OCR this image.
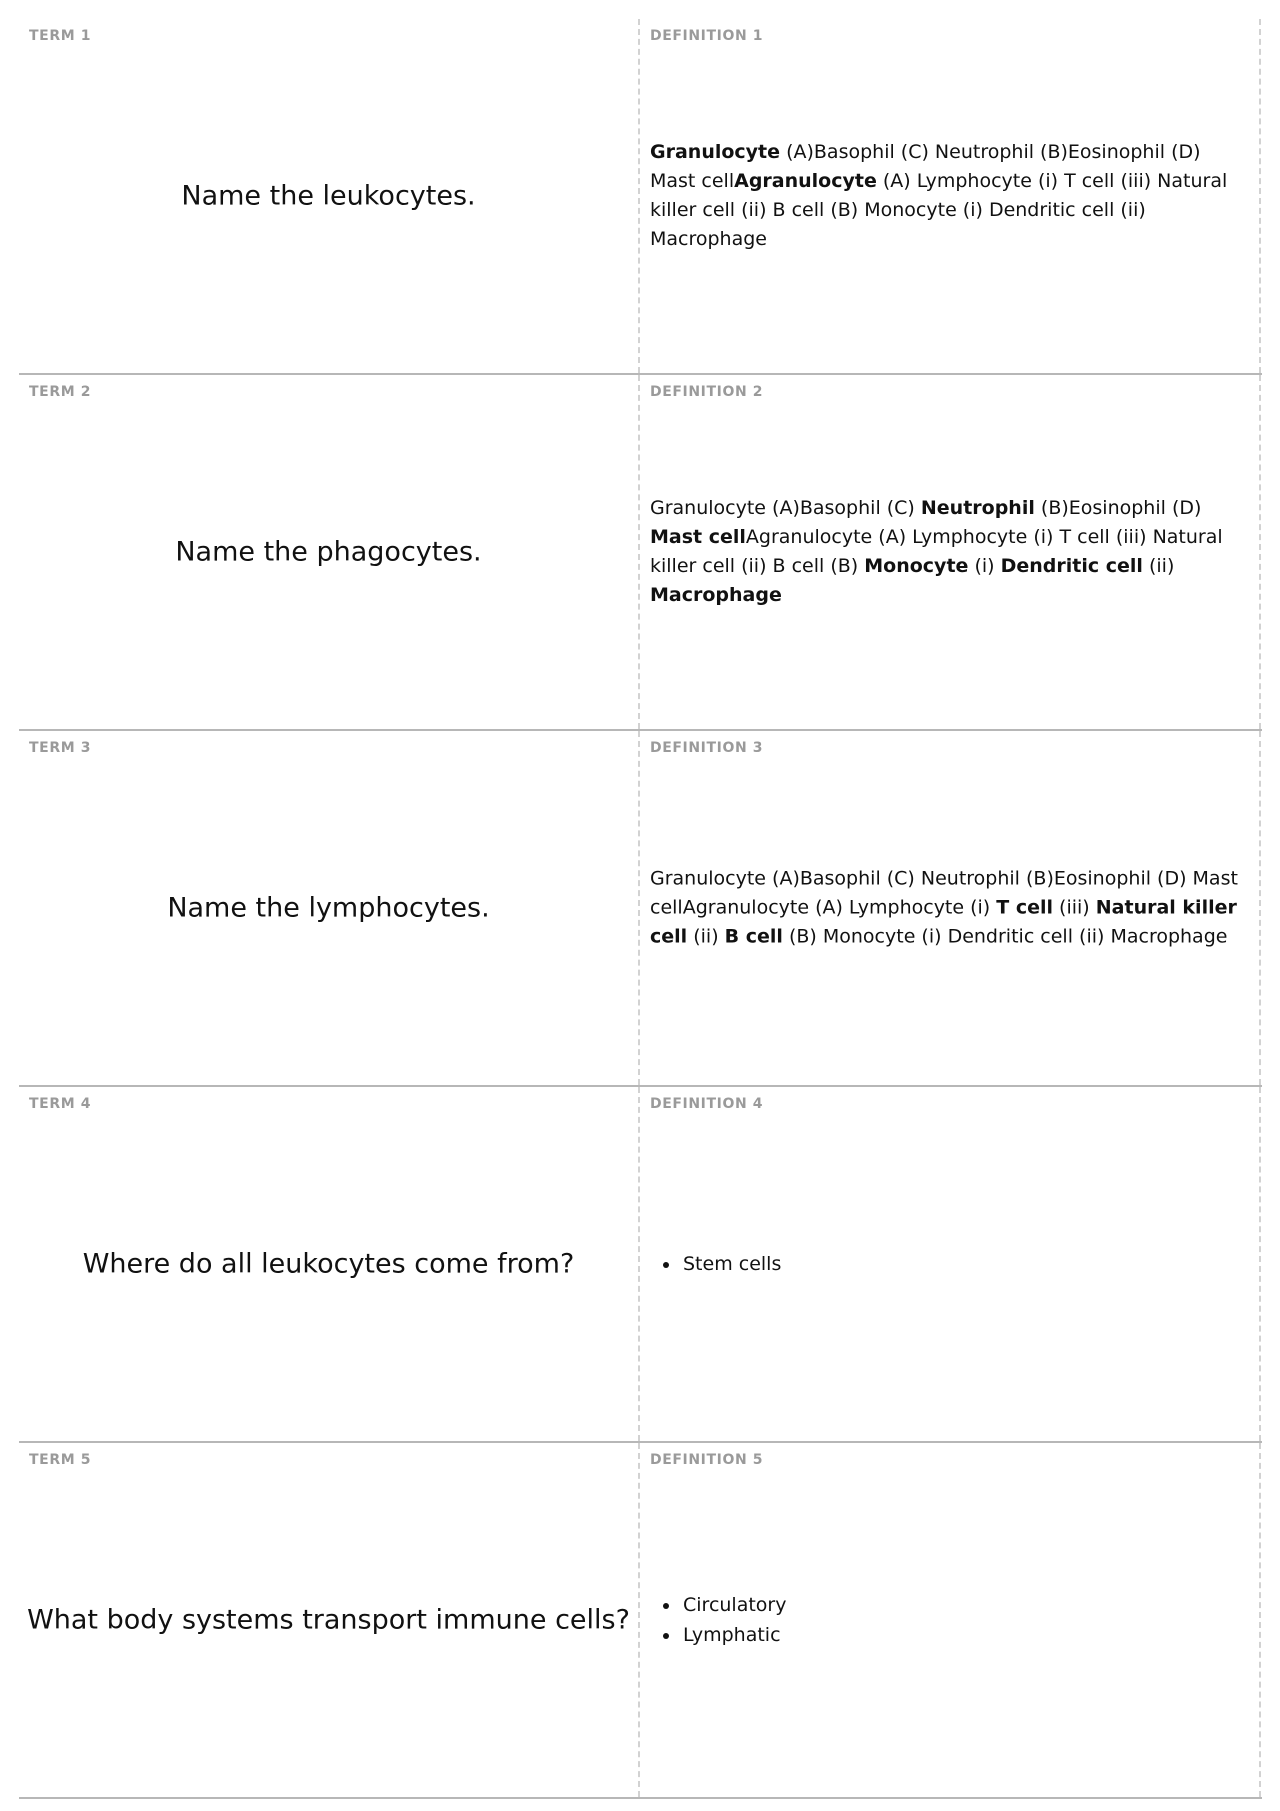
TERM 1
Name the leukocytes.
DEFINITION 1
Granulocyte (A)Basophil (C) Neutrophil (B)Eosinophil (D) Mast cellAgranulocyte (A) Lymphocyte (i) T cell (iii) Natural killer cell (ii) B cell (B) Monocyte (i) Dendritic cell (ii) Macrophage
TERM 2
Name the phagocytes.
DEFINITION 2
Granulocyte (A)Basophil (C) Neutrophil (B)Eosinophil (D) Mast cellAgranulocyte (A) Lymphocyte (i) T cell (iii) Natural killer cell (ii) B cell (B) Monocyte (i) Dendritic cell (ii) Macrophage
TERM 3
Name the lymphocytes.
DEFINITION 3
Granulocyte (A)Basophil (C) Neutrophil (B)Eosinophil (D) Mast cellAgranulocyte (A) Lymphocyte (i) T cell (iii) Natural killer cell (ii) B cell (B) Monocyte (i) Dendritic cell (ii) Macrophage
TERM 4
Where do all leukocytes come from?
DEFINITION 4
• Stem cells
TERM 5
What body systems transport immune cells?
DEFINITION 5
• Circulatory
• Lymphatic
